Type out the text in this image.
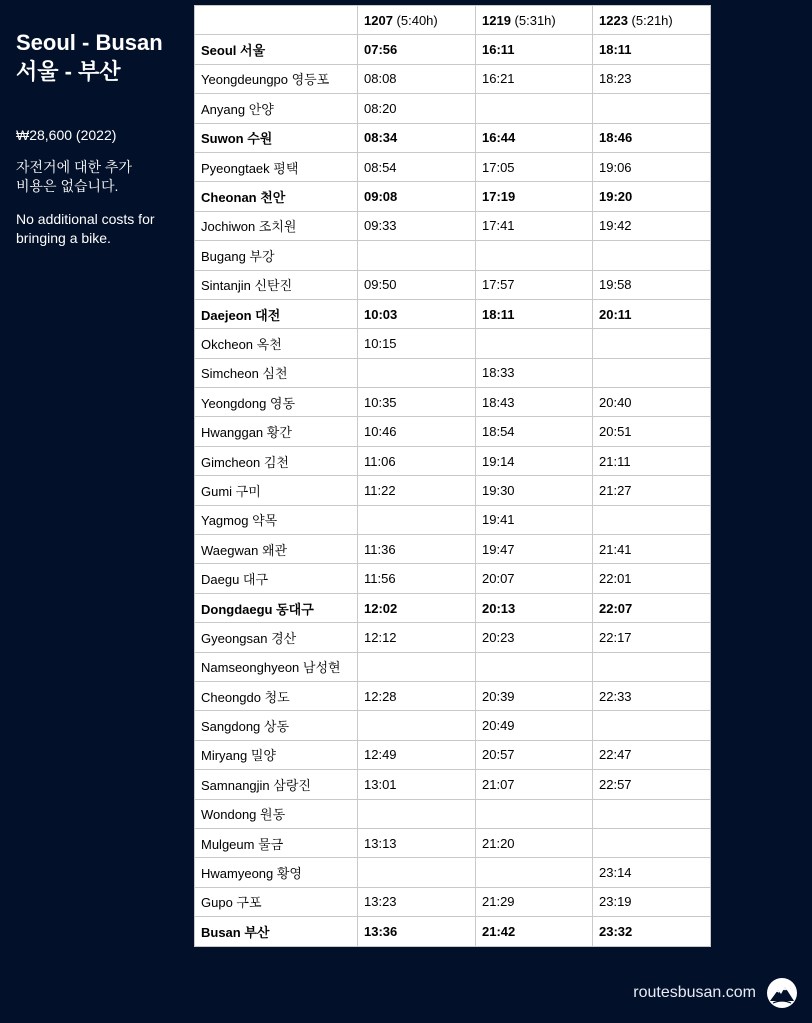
Seoul - Busan
서울 - 부산
₩28,600 (2022)
자전거에 대한 추가
비용은 없습니다.
No additional costs for
bringing a bike.
	1207 (5:40h)	1219 (5:31h)	1223 (5:21h)
Seoul 서울	07:56	16:11	18:11
Yeongdeungpo 영등포	08:08	16:21	18:23
Anyang 안양	08:20		
Suwon 수원	08:34	16:44	18:46
Pyeongtaek 평택	08:54	17:05	19:06
Cheonan 천안	09:08	17:19	19:20
Jochiwon 조치원	09:33	17:41	19:42
Bugang 부강			
Sintanjin 신탄진	09:50	17:57	19:58
Daejeon 대전	10:03	18:11	20:11
Okcheon 옥천	10:15		
Simcheon 심천		18:33	
Yeongdong 영동	10:35	18:43	20:40
Hwanggan 황간	10:46	18:54	20:51
Gimcheon 김천	11:06	19:14	21:11
Gumi 구미	11:22	19:30	21:27
Yagmog 약목		19:41	
Waegwan 왜관	11:36	19:47	21:41
Daegu 대구	11:56	20:07	22:01
Dongdaegu 동대구	12:02	20:13	22:07
Gyeongsan 경산	12:12	20:23	22:17
Namseonghyeon 남성현			
Cheongdo 청도	12:28	20:39	22:33
Sangdong 상동		20:49	
Miryang 밀양	12:49	20:57	22:47
Samnangjin 삼랑진	13:01	21:07	22:57
Wondong 원동			
Mulgeum 물금	13:13	21:20	
Hwamyeong 황영			23:14
Gupo 구포	13:23	21:29	23:19
Busan 부산	13:36	21:42	23:32
routesbusan.com
